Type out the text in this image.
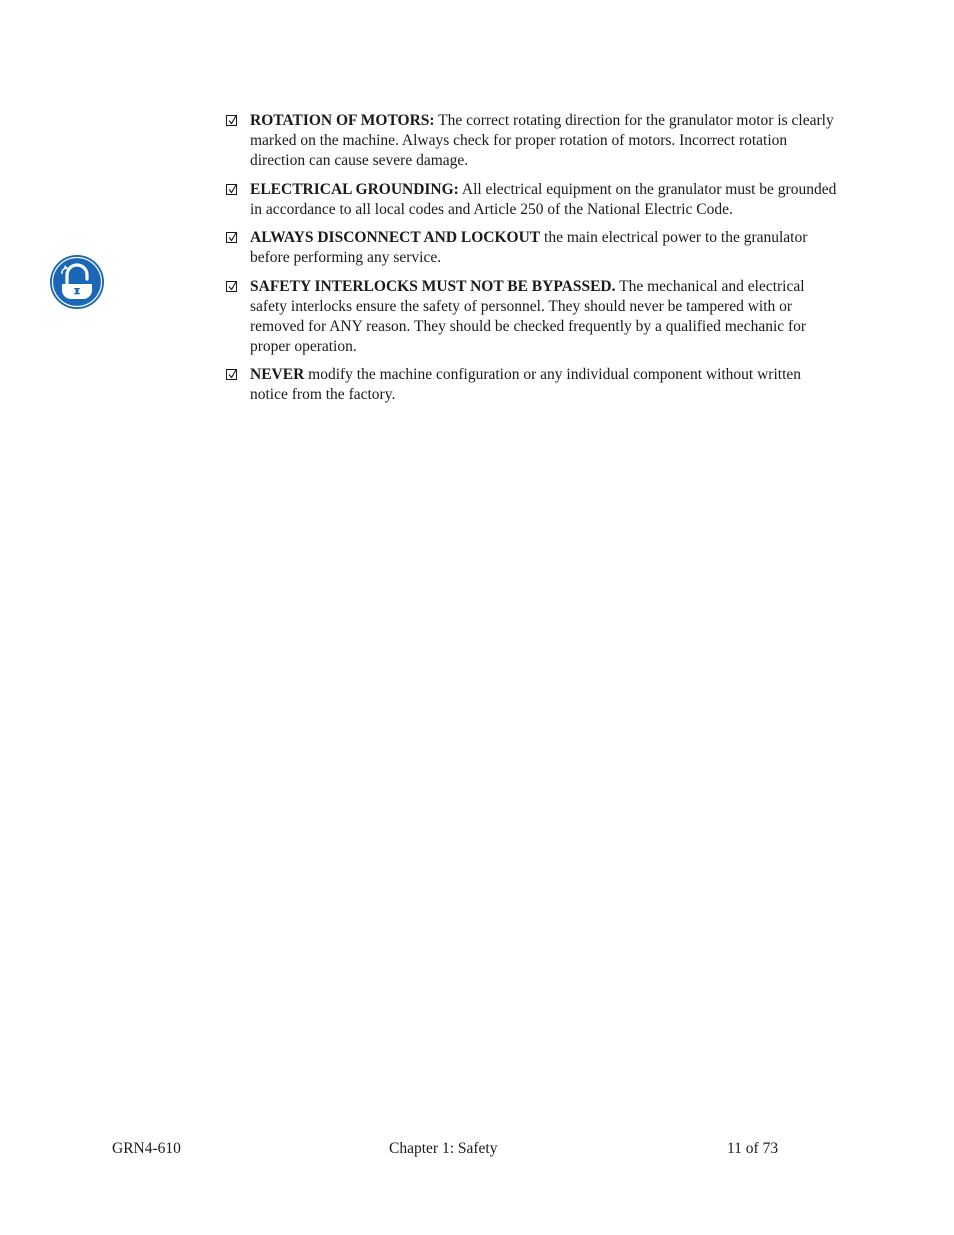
ROTATION OF MOTORS: The correct rotating direction for the granulator motor is clearly marked on the machine. Always check for proper rotation of motors. Incorrect rotation direction can cause severe damage.
ELECTRICAL GROUNDING: All electrical equipment on the granulator must be grounded in accordance to all local codes and Article 250 of the National Electric Code.
ALWAYS DISCONNECT AND LOCKOUT the main electrical power to the granulator before performing any service.
SAFETY INTERLOCKS MUST NOT BE BYPASSED. The mechanical and electrical safety interlocks ensure the safety of personnel. They should never be tampered with or removed for ANY reason. They should be checked frequently by a qualified mechanic for proper operation.
NEVER modify the machine configuration or any individual component without written notice from the factory.
GRN4-610	Chapter 1: Safety	11 of 73
